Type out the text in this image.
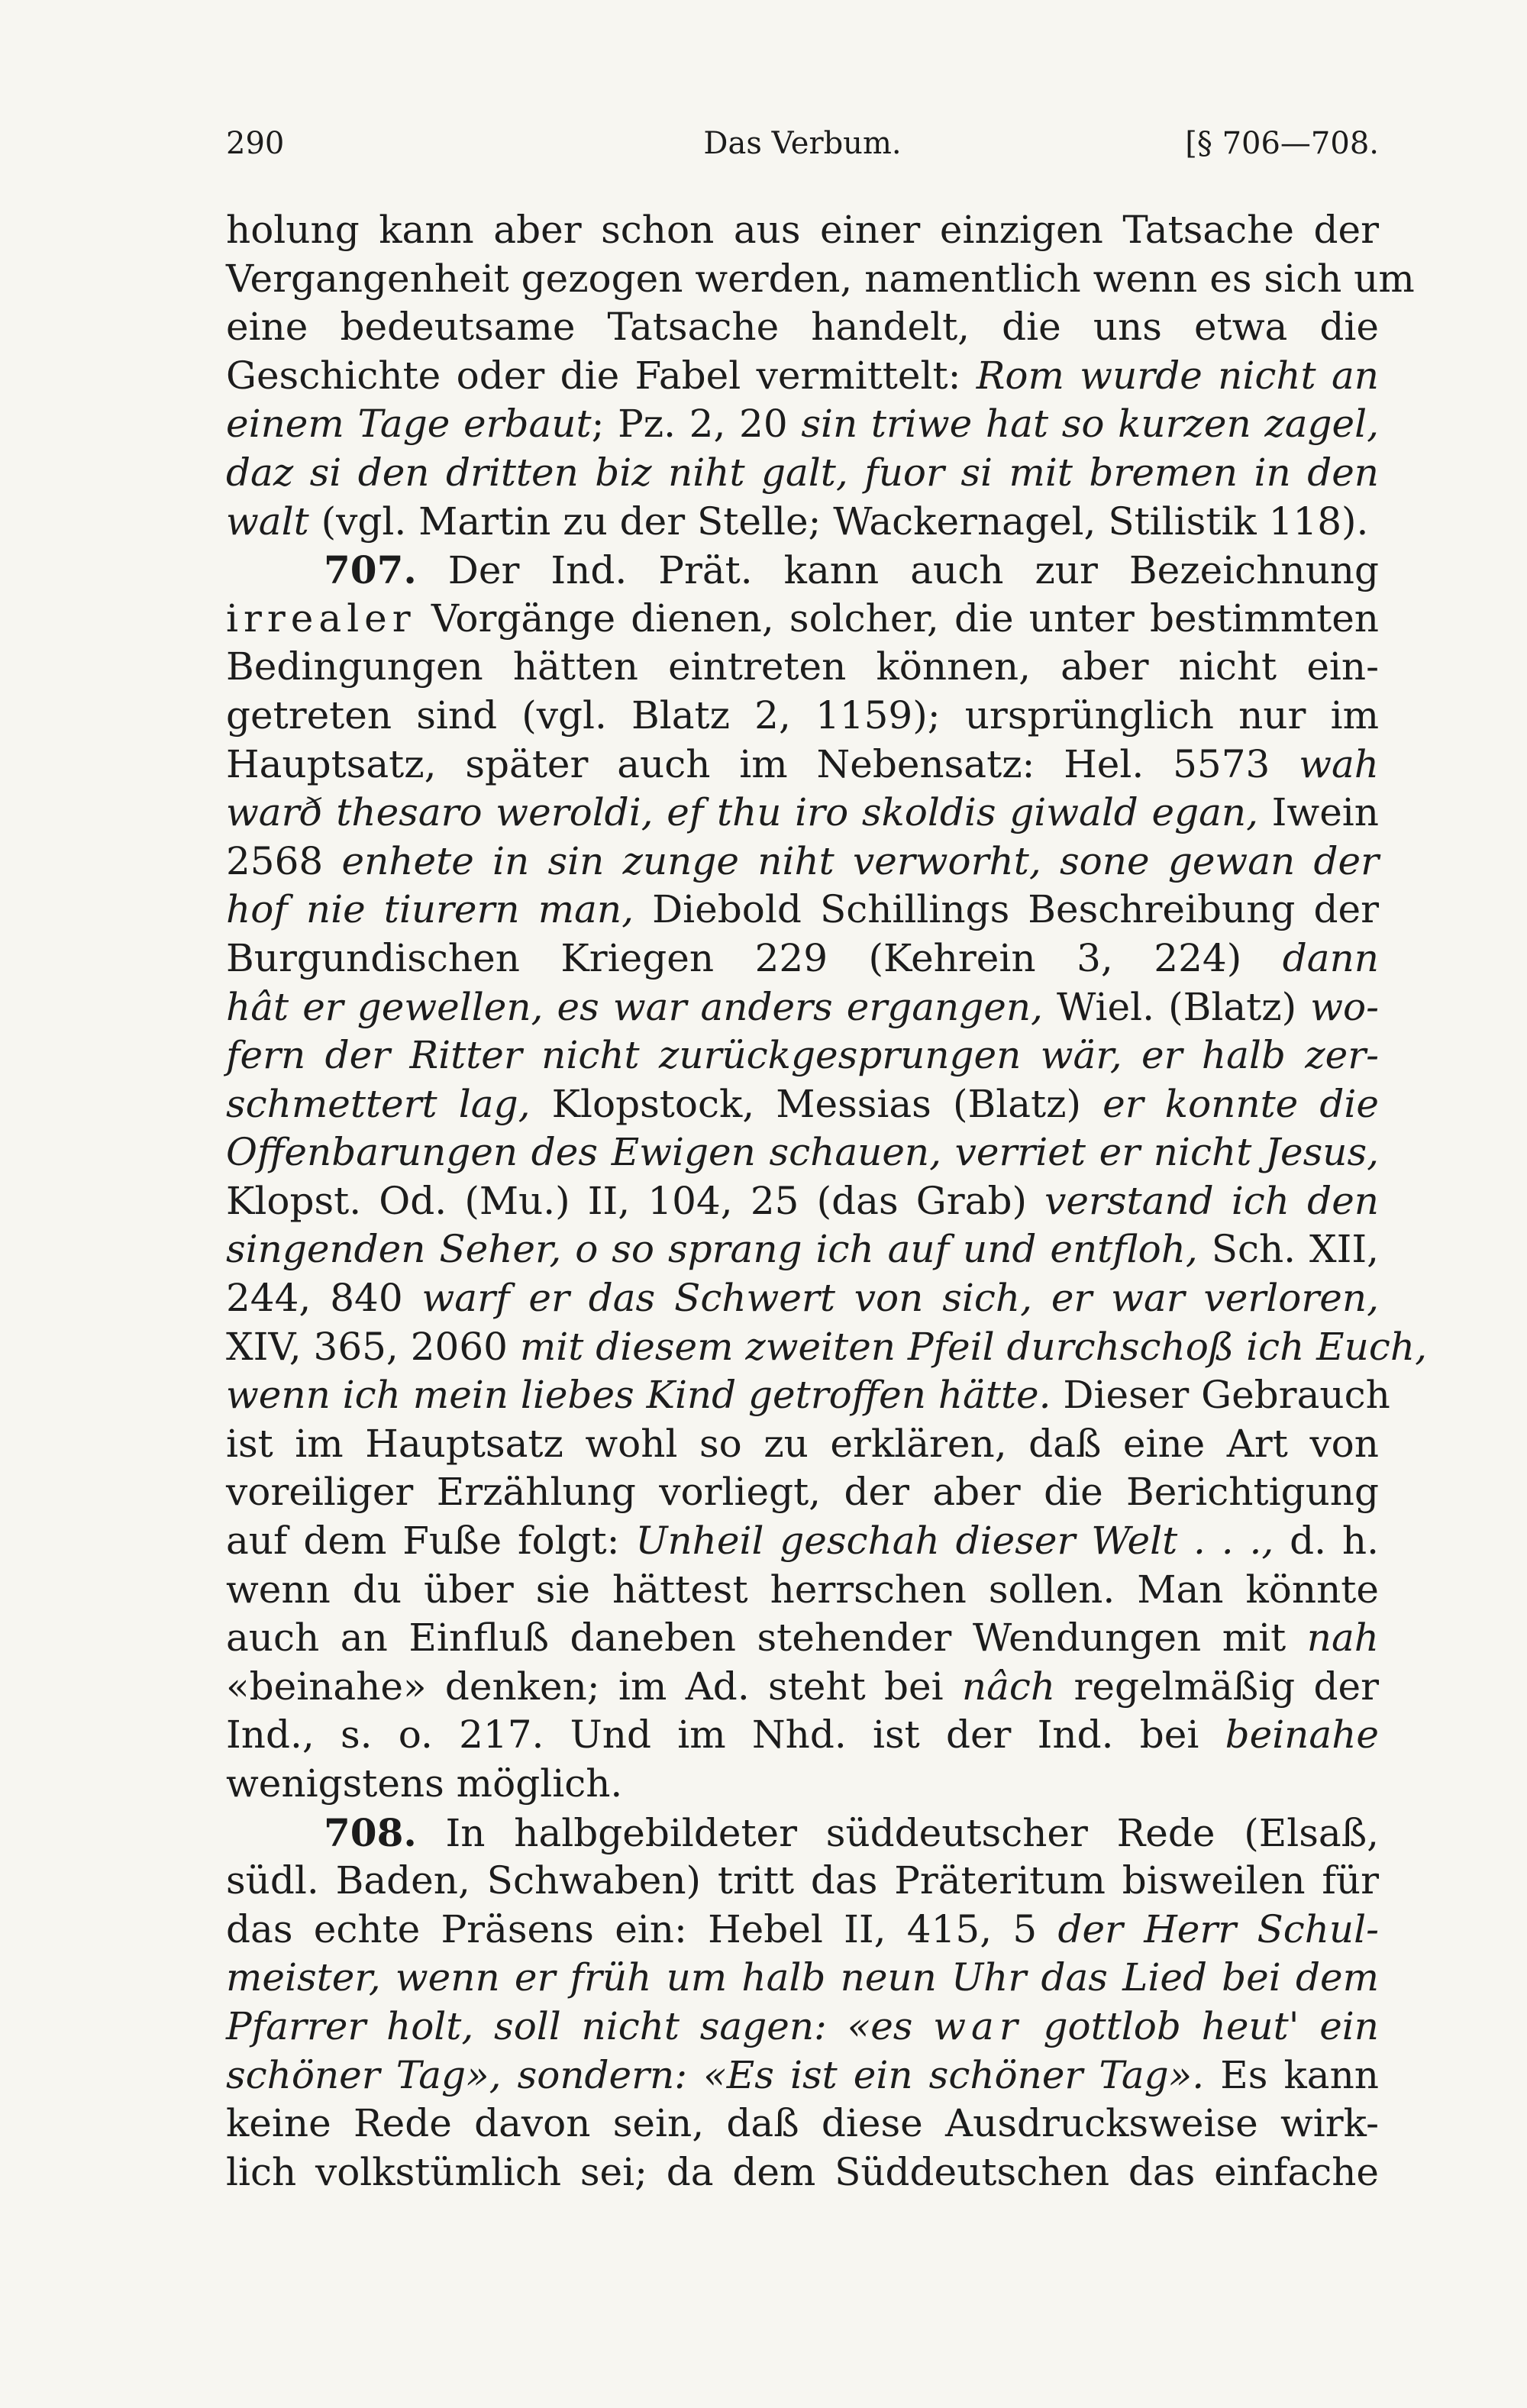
290	Das Verbum.	[§ 706—708.
holung kann aber schon aus einer einzigen Tatsache der
Vergangenheit gezogen werden, namentlich wenn es sich um
eine bedeutsame Tatsache handelt, die uns etwa die
Geschichte oder die Fabel vermittelt: Rom wurde nicht an
einem Tage erbaut; Pz. 2, 20 sin triwe hat so kurzen zagel,
daz si den dritten biz niht galt, fuor si mit bremen in den
walt (vgl. Martin zu der Stelle; Wackernagel, Stilistik 118).
707. Der Ind. Prät. kann auch zur Bezeichnung
irrealer Vorgänge dienen, solcher, die unter bestimmten
Bedingungen hätten eintreten können, aber nicht ein-
getreten sind (vgl. Blatz 2, 1159); ursprünglich nur im
Hauptsatz, später auch im Nebensatz: Hel. 5573 wah
warð thesaro weroldi, ef thu iro skoldis giwald egan, Iwein
2568 enhete in sin zunge niht verworht, sone gewan der
hof nie tiurern man, Diebold Schillings Beschreibung der
Burgundischen Kriegen 229 (Kehrein 3, 224) dann
hât er gewellen, es war anders ergangen, Wiel. (Blatz) wo-
fern der Ritter nicht zurückgesprungen wär, er halb zer-
schmettert lag, Klopstock, Messias (Blatz) er konnte die
Offenbarungen des Ewigen schauen, verriet er nicht Jesus,
Klopst. Od. (Mu.) II, 104, 25 (das Grab) verstand ich den
singenden Seher, o so sprang ich auf und entfloh, Sch. XII,
244, 840 warf er das Schwert von sich, er war verloren,
XIV, 365, 2060 mit diesem zweiten Pfeil durchschoß ich Euch,
wenn ich mein liebes Kind getroffen hätte. Dieser Gebrauch
ist im Hauptsatz wohl so zu erklären, daß eine Art von
voreiliger Erzählung vorliegt, der aber die Berichtigung
auf dem Fuße folgt: Unheil geschah dieser Welt . . ., d. h.
wenn du über sie hättest herrschen sollen. Man könnte
auch an Einfluß daneben stehender Wendungen mit nah
«beinahe» denken; im Ad. steht bei nâch regelmäßig der
Ind., s. o. 217. Und im Nhd. ist der Ind. bei beinahe
wenigstens möglich.
708. In halbgebildeter süddeutscher Rede (Elsaß,
südl. Baden, Schwaben) tritt das Präteritum bisweilen für
das echte Präsens ein: Hebel II, 415, 5 der Herr Schul-
meister, wenn er früh um halb neun Uhr das Lied bei dem
Pfarrer holt, soll nicht sagen: «es war gottlob heut' ein
schöner Tag», sondern: «Es ist ein schöner Tag». Es kann
keine Rede davon sein, daß diese Ausdrucksweise wirk-
lich volkstümlich sei; da dem Süddeutschen das einfache
